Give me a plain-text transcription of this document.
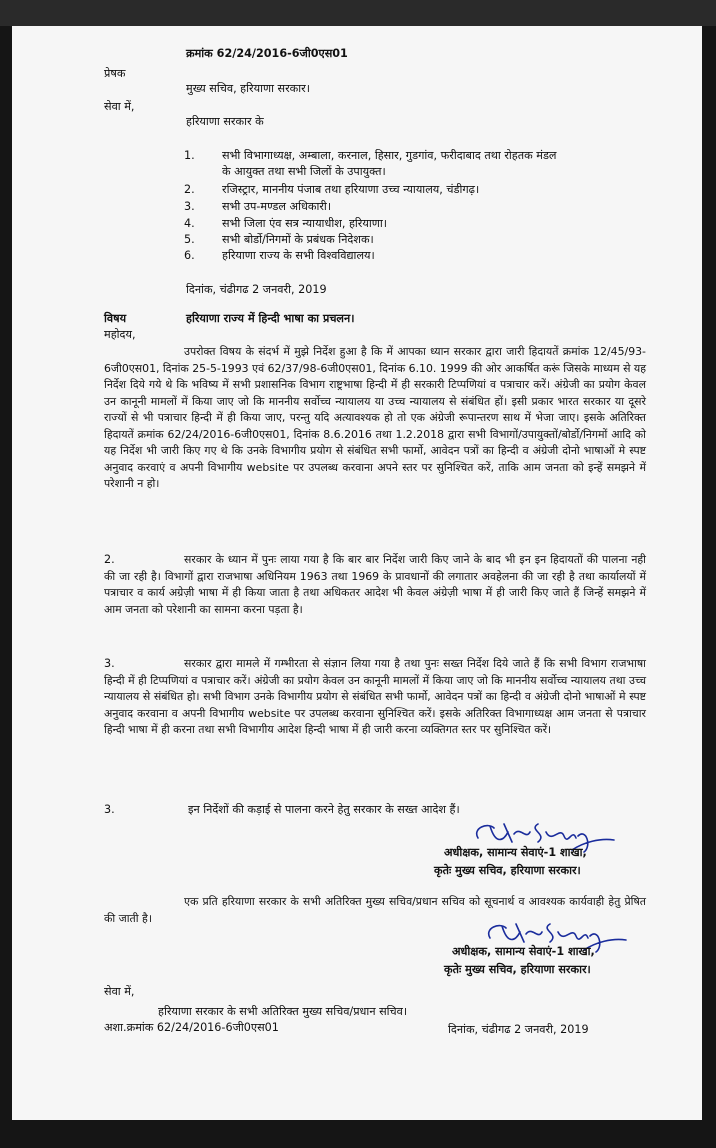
क्रमांक 62/24/2016-6जी0एस01
प्रेषक
मुख्य सचिव, हरियाणा सरकार।
सेवा में,
हरियाणा सरकार के
1. सभी विभागाध्यक्ष, अम्बाला, करनाल, हिसार, गुडगांव, फरीदाबाद तथा रोहतक मंडल
के आयुक्त तथा सभी जिलों के उपायुक्त।
2. रजिस्ट्रार, माननीय पंजाब तथा हरियाणा उच्च न्यायालय, चंडीगढ़।
3. सभी उप-मण्डल अधिकारी।
4. सभी जिला एंव सत्र न्यायाधीश, हरियाणा।
5. सभी बोर्डो/निगमों के प्रबंधक निदेशक।
6. हरियाणा राज्य के सभी विश्वविद्यालय।
दिनांक, चंढीगढ 2 जनवरी, 2019
विषय	हरियाणा राज्य में हिन्दी भाषा का प्रचलन।
महोदय,
उपरोक्त विषय के संदर्भ में मुझे निर्देश हुआ है कि में आपका ध्यान सरकार द्वारा जारी हिदायतें क्रमांक 12/45/93-6जी0एस01, दिनांक 25-5-1993 एवं 62/37/98-6जी0एस01, दिनांक 6.10. 1999 की ओर आकर्षित करूं जिसके माध्यम से यह निर्देश दिये गये थे कि भविष्य में सभी प्रशासनिक विभाग राष्ट्रभाषा हिन्दी में ही सरकारी टिप्पणियां व पत्राचार करें। अंग्रेजी का प्रयोग केवल उन कानूनी मामलों में किया जाए जो कि माननीय सर्वोच्च न्यायालय या उच्च न्यायालय से संबंधित हों। इसी प्रकार भारत सरकार या दूसरे राज्यों से भी पत्राचार हिन्दी में ही किया जाए, परन्तु यदि अत्यावश्यक हो तो एक अंग्रेजी रूपान्तरण साथ में भेजा जाए। इसके अतिरिक्त हिदायतें क्रमांक 62/24/2016-6जी0एस01, दिनांक 8.6.2016 तथा 1.2.2018 द्वारा सभी विभागों/उपायुक्तों/बोर्डो/निगमों आदि को यह निर्देश भी जारी किए गए थे कि उनके विभागीय प्रयोग से संबंधित सभी फार्मो, आवेदन पत्रों का हिन्दी व अंग्रेजी दोनो भाषाओं मे स्पष्ट अनुवाद करवाएं व अपनी विभागीय website पर उपलब्ध करवाना अपने स्तर पर सुनिश्चित करें, ताकि आम जनता को इन्हें समझने में परेशानी न हो।
2.	सरकार के ध्यान में पुनः लाया गया है कि बार बार निर्देश जारी किए जाने के बाद भी इन इन हिदायतों की पालना नही की जा रही है। विभागों द्वारा राजभाषा अधिनियम 1963 तथा 1969 के प्रावधानों की लगातार अवहेलना की जा रही है तथा कार्यालयों में पत्राचार व कार्य अग्रेज़ी भाषा में ही किया जाता है तथा अधिकतर आदेश भी केवल अंग्रेज़ी भाषा में ही जारी किए जाते हैं जिन्हें समझने में आम जनता को परेशानी का सामना करना पड़ता है।
3.	सरकार द्वारा मामले में गम्भीरता से संज्ञान लिया गया है तथा पुनः सख्त निर्देश दिये जाते हैं कि सभी विभाग राजभाषा हिन्दी में ही टिप्पणियां व पत्राचार करें। अंग्रेजी का प्रयोग केवल उन कानूनी मामलों में किया जाए जो कि माननीय सर्वोच्च न्यायालय तथा उच्च न्यायालय से संबंधित हो। सभी विभाग उनके विभागीय प्रयोग से संबंधित सभी फार्मो, आवेदन पत्रों का हिन्दी व अंग्रेजी दोनो भाषाओं मे स्पष्ट अनुवाद करवाना व अपनी विभागीय website पर उपलब्ध करवाना सुनिश्चित करें। इसके अतिरिक्त विभागाध्यक्ष आम जनता से पत्राचार हिन्दी भाषा में ही करना तथा सभी विभागीय आदेश हिन्दी भाषा में ही जारी करना व्यक्तिगत स्तर पर सुनिश्चित करें।
3.	इन निर्देशों की कड़ाई से पालना करने हेतु सरकार के सख्त आदेश हैं।
अधीक्षक, सामान्य सेवाएं-1 शाखा,
कृतेः मुख्य सचिव, हरियाणा सरकार।
एक प्रति हरियाणा सरकार के सभी अतिरिक्त मुख्य सचिव/प्रधान सचिव को सूचनार्थ व आवश्यक कार्यवाही हेतु प्रेषित की जाती है।
अधीक्षक, सामान्य सेवाएं-1 शाखा,
कृतेः मुख्य सचिव, हरियाणा सरकार।
सेवा में,
हरियाणा सरकार के सभी अतिरिक्त मुख्य सचिव/प्रधान सचिव।
अशा.क्रमांक 62/24/2016-6जी0एस01	दिनांक, चंढीगढ 2 जनवरी, 2019
